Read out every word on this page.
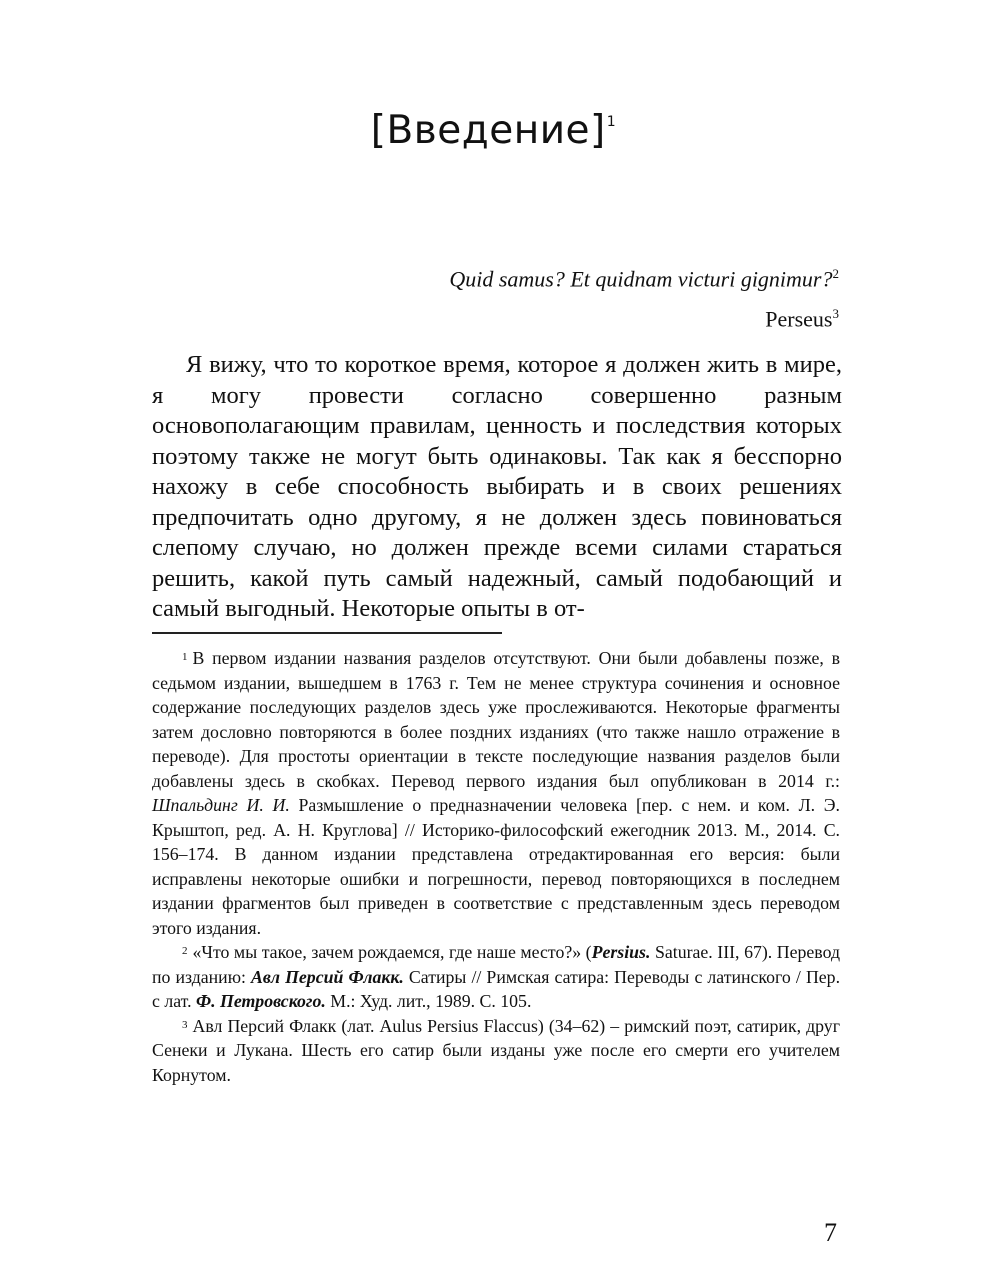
[Введение]$^1$
Quid samus? Et quidnam victuri gignimur?$^2$
Perseus$^3$

Я вижу, что то короткое время, которое я должен жить в мире, я могу провести согласно совершенно разным основополагающим правилам, ценность и последствия которых поэтому также не могут быть одинаковы. Так как я бесспорно нахожу в себе способность выбирать и в своих решениях предпочитать одно другому, я не должен здесь повиноваться слепому случаю, но должен прежде всеми силами стараться решить, какой путь самый надежный, самый подобающий и самый выгодный. Некоторые опыты в от-

$^1$ В первом издании названия разделов отсутствуют. Они были добавлены позже, в седьмом издании, вышедшем в 1763 г. Тем не менее структура сочинения и основное содержание последующих разделов здесь уже прослеживаются. Некоторые фрагменты затем дословно повторяются в более поздних изданиях (что также нашло отражение в переводе). Для простоты ориентации в тексте последующие названия разделов были добавлены здесь в скобках. Перевод первого издания был опубликован в 2014 г.: Шпальдинг И. И. Размышление о предназначении человека [пер. с нем. и ком. Л. Э. Крыштоп, ред. А. Н. Круглова] // Историко-философский ежегодник 2013. М., 2014. С. 156–174. В данном издании представлена отредактированная его версия: были исправлены некоторые ошибки и погрешности, перевод повторяющихся в последнем издании фрагментов был приведен в соответствие с представленным здесь переводом этого издания.

$^2$ «Что мы такое, зачем рождаемся, где наше место?» (Persius. Saturae. III, 67). Перевод по изданию: Авл Персий Флакк. Сатиры // Римская сатира: Переводы с латинского / Пер. с лат. Ф. Петровского. М.: Худ. лит., 1989. С. 105.

$^3$ Авл Персий Флакк (лат. Aulus Persius Flaccus) (34–62) – римский поэт, сатирик, друг Сенеки и Лукана. Шесть его сатир были изданы уже после его смерти его учителем Корнутом.

7
